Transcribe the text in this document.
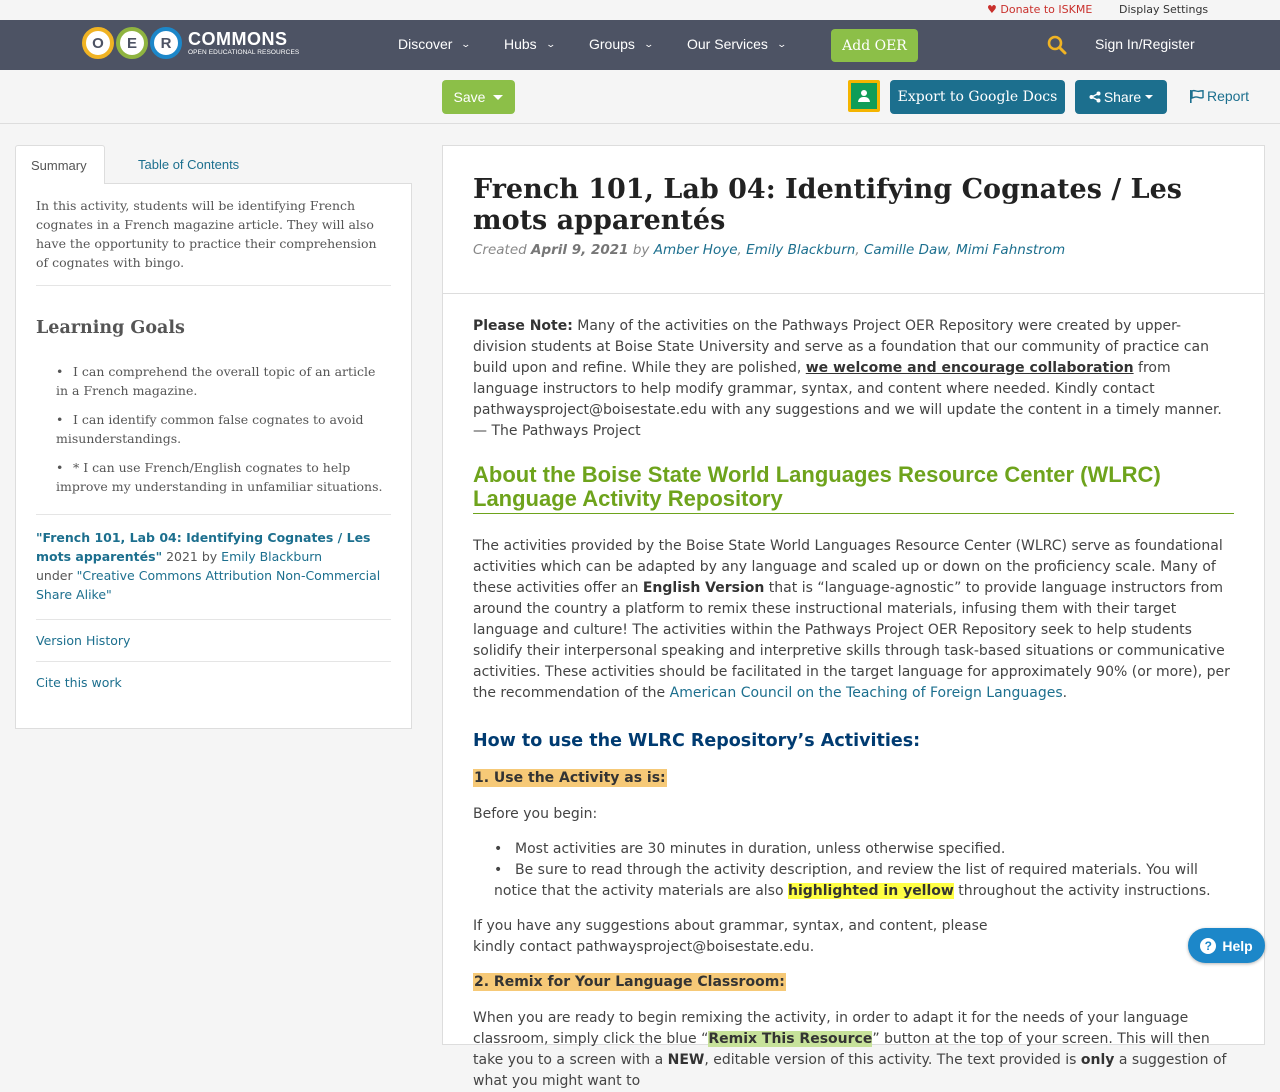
♥ Donate to ISKME Display Settings
O	E	R COMMONS
OPEN EDUCATIONAL RESOURCES
Discover ⌄ Hubs ⌄ Groups ⌄ Our Services ⌄	Add OER	Sign In/Register
Save	Export to Google Docs	Share	Report
Summary	Table of Contents

In this activity, students will be identifying French cognates in a French magazine article. They will also have the opportunity to practice their comprehension of cognates with bingo.

Learning Goals
• I can comprehend the overall topic of an article in a French magazine.
• I can identify common false cognates to avoid misunderstandings.
• * I can use French/English cognates to help improve my understanding in unfamiliar situations.

"French 101, Lab 04: Identifying Cognates / Les mots apparentés" 2021 by Emily Blackburn
under "Creative Commons Attribution Non-Commercial Share Alike"

Version History
Cite this work
French 101, Lab 04: Identifying Cognates / Les mots apparentés

Created April 9, 2021 by Amber Hoye, Emily Blackburn, Camille Daw, Mimi Fahnstrom

Please Note: Many of the activities on the Pathways Project OER Repository were created by upper-division students at Boise State University and serve as a foundation that our community of practice can build upon and refine. While they are polished, we welcome and encourage collaboration from language instructors to help modify grammar, syntax, and content where needed. Kindly contact pathwaysproject@boisestate.edu with any suggestions and we will update the content in a timely manner. — The Pathways Project

About the Boise State World Languages Resource Center (WLRC) Language Activity Repository

The activities provided by the Boise State World Languages Resource Center (WLRC) serve as foundational activities which can be adapted by any language and scaled up or down on the proficiency scale. Many of these activities offer an English Version that is “language-agnostic” to provide language instructors from around the country a platform to remix these instructional materials, infusing them with their target language and culture! The activities within the Pathways Project OER Repository seek to help students solidify their interpersonal speaking and interpretive skills through task-based situations or communicative activities. These activities should be facilitated in the target language for approximately 90% (or more), per the recommendation of the American Council on the Teaching of Foreign Languages.

How to use the WLRC Repository’s Activities:

1. Use the Activity as is:

Before you begin:

• Most activities are 30 minutes in duration, unless otherwise specified.
• Be sure to read through the activity description, and review the list of required materials. You will notice that the activity materials are also highlighted in yellow throughout the activity instructions.

If you have any suggestions about grammar, syntax, and content, please kindly contact pathwaysproject@boisestate.edu.

2. Remix for Your Language Classroom:

When you are ready to begin remixing the activity, in order to adapt it for the needs of your language classroom, simply click the blue “Remix This Resource” button at the top of your screen. This will then take you to a screen with a NEW, editable version of this activity. The text provided is only a suggestion of what you might want to

? Help
